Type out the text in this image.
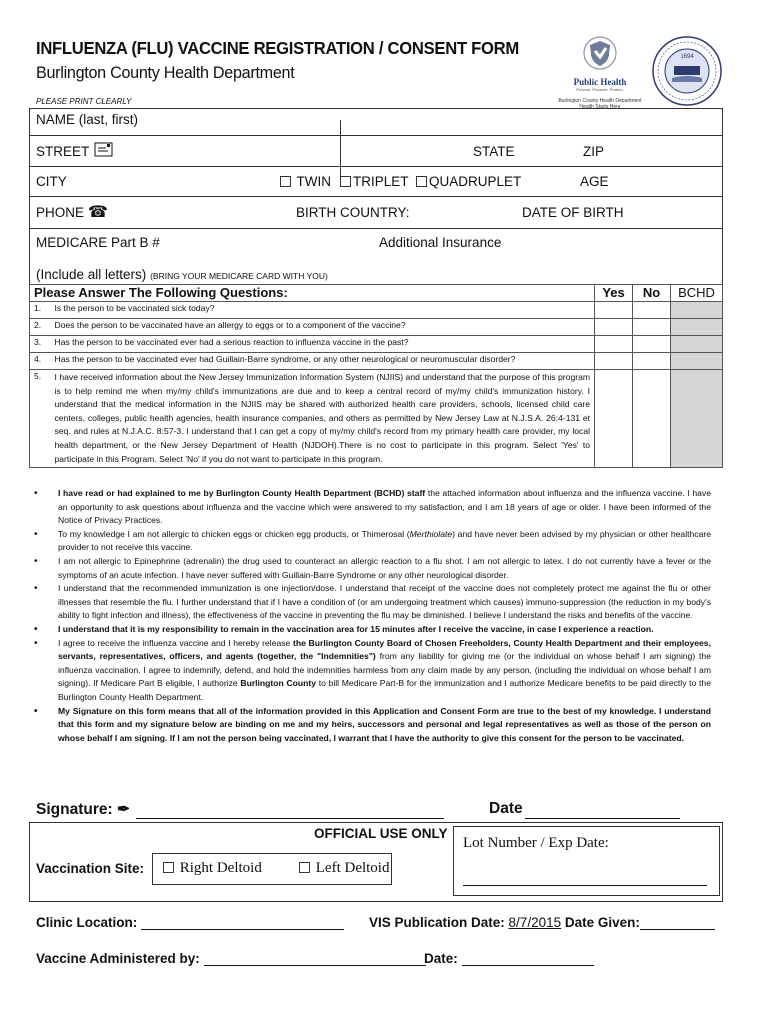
INFLUENZA (FLU) VACCINE REGISTRATION / CONSENT FORM
Burlington County Health Department
PLEASE PRINT CLEARLY
Public Health
Prevent. Promote. Protect.
Burlington County Health Department
Health Starts Here
1694
NAME (last, first)
STREET	STATE	ZIP
CITY	TWIN	TRIPLET	QUADRUPLET	AGE
PHONE ☎	BIRTH COUNTRY:	DATE OF BIRTH
MEDICARE Part B #	Additional Insurance
(Include all letters) (BRING YOUR MEDICARE CARD WITH YOU)
Please Answer The Following Questions:		Yes	No	BCHD
1.	Is the person to be vaccinated sick today?			
2.	Does the person to be vaccinated have an allergy to eggs or to a component of the vaccine?			
3.	Has the person to be vaccinated ever had a serious reaction to influenza vaccine in the past?			
4.	Has the person to be vaccinated ever had Guillain-Barre syndrome, or any other neurological or neuromuscular disorder?			
5.	I have received information about the New Jersey Immunization Information System (NJIIS) and understand that the purpose of this program is to help remind me when my/my child's immunizations are due and to keep a central record of my/my child's immunization history. I understand that the medical information in the NJIIS may be shared with authorized health care providers, schools, licensed child care centers, colleges, public health agencies, health insurance companies, and others as permitted by New Jersey Law at N.J.S.A. 26:4-131 et seq. and rules at N.J.A.C. 8:57-3. I understand that I can get a copy of my/my child's record from my primary health care provider, my local health department, or the New Jersey Department of Health (NJDOH).There is no cost to participate in this program. Select 'Yes' to participate in this Program. Select 'No' if you do not want to participate in this program.			
• I have read or had explained to me by Burlington County Health Department (BCHD) staff the attached information about influenza and the influenza vaccine. I have an opportunity to ask questions about influenza and the vaccine which were answered to my satisfaction, and I am 18 years of age or older. I have been informed of the Notice of Privacy Practices.
• To my knowledge I am not allergic to chicken eggs or chicken egg products, or Thimerosal (Merthiolate) and have never been advised by my physician or other healthcare provider to not receive this vaccine.
• I am not allergic to Epinephrine (adrenalin) the drug used to counteract an allergic reaction to a flu shot. I am not allergic to latex. I do not currently have a fever or the symptoms of an acute infection. I have never suffered with Guillain-Barre Syndrome or any other neurological disorder.
• I understand that the recommended immunization is one injection/dose. I understand that receipt of the vaccine does not completely protect me against the flu or other illnesses that resemble the flu. I further understand that if I have a condition of (or am undergoing treatment which causes) immuno-suppression (the reduction in my body's ability to fight infection and illness), the effectiveness of the vaccine in preventing the flu may be diminished. I believe I understand the risks and benefits of the vaccine.
• I understand that it is my responsibility to remain in the vaccination area for 15 minutes after I receive the vaccine, in case I experience a reaction.
• I agree to receive the influenza vaccine and I hereby release the Burlington County Board of Chosen Freeholders, County Health Department and their employees, servants, representatives, officers, and agents (together, the "Indemnities") from any liability for giving me (or the individual on whose behalf I am signing) the influenza vaccination. I agree to indemnify, defend, and hold the indemnities harmless from any claim made by any person, (including the individual on whose behalf I am signing). If Medicare Part B eligible, I authorize Burlington County to bill Medicare Part-B for the immunization and I authorize Medicare benefits to be paid directly to the Burlington County Health Department.
• My Signature on this form means that all of the information provided in this Application and Consent Form are true to the best of my knowledge. I understand that this form and my signature below are binding on me and my heirs, successors and personal and legal representatives as well as those of the person on whose behalf I am signing. If I am not the person being vaccinated, I warrant that I have the authority to give this consent for the person to be vaccinated.
Signature: ✒	Date
OFFICIAL USE ONLY
Vaccination Site:	Right Deltoid	Left Deltoid
Lot Number / Exp Date:
Clinic Location:	VIS Publication Date: 8/7/2015 Date Given:
Vaccine Administered by:	Date:
